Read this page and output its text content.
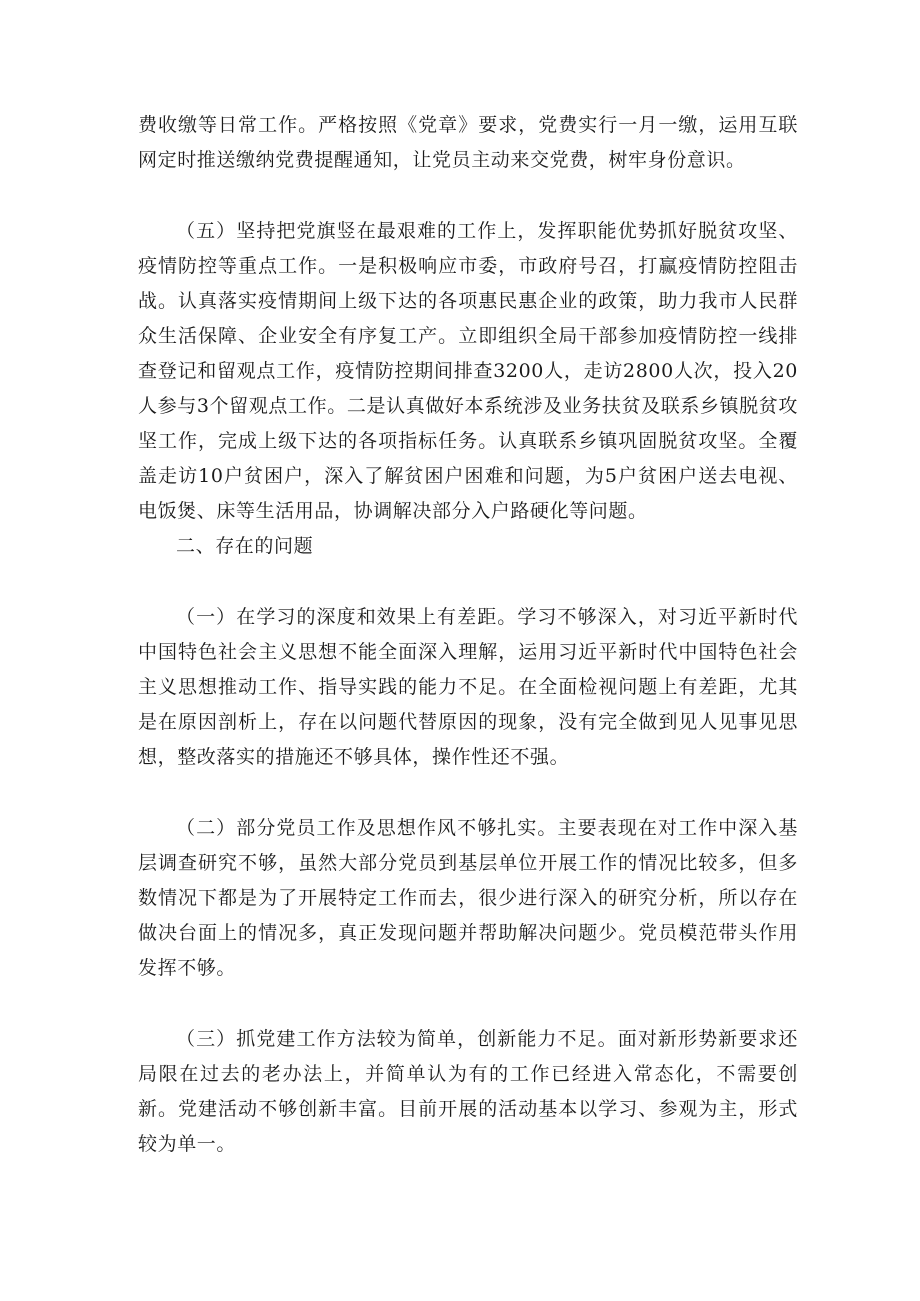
费收缴等日常工作。严格按照《党章》要求，党费实行一月一缴，运用互联网定时推送缴纳党费提醒通知，让党员主动来交党费，树牢身份意识。

（五）坚持把党旗竖在最艰难的工作上，发挥职能优势抓好脱贫攻坚、疫情防控等重点工作。一是积极响应市委，市政府号召，打赢疫情防控阻击战。认真落实疫情期间上级下达的各项惠民惠企业的政策，助力我市人民群众生活保障、企业安全有序复工产。立即组织全局干部参加疫情防控一线排查登记和留观点工作，疫情防控期间排查3200人，走访2800人次，投入20人参与3个留观点工作。二是认真做好本系统涉及业务扶贫及联系乡镇脱贫攻坚工作，完成上级下达的各项指标任务。认真联系乡镇巩固脱贫攻坚。全覆盖走访10户贫困户，深入了解贫困户困难和问题，为5户贫困户送去电视、电饭煲、床等生活用品，协调解决部分入户路硬化等问题。

二、存在的问题

（一）在学习的深度和效果上有差距。学习不够深入，对习近平新时代中国特色社会主义思想不能全面深入理解，运用习近平新时代中国特色社会主义思想推动工作、指导实践的能力不足。在全面检视问题上有差距，尤其是在原因剖析上，存在以问题代替原因的现象，没有完全做到见人见事见思想，整改落实的措施还不够具体，操作性还不强。

（二）部分党员工作及思想作风不够扎实。主要表现在对工作中深入基层调查研究不够，虽然大部分党员到基层单位开展工作的情况比较多，但多数情况下都是为了开展特定工作而去，很少进行深入的研究分析，所以存在做决台面上的情况多，真正发现问题并帮助解决问题少。党员模范带头作用发挥不够。

（三）抓党建工作方法较为简单，创新能力不足。面对新形势新要求还局限在过去的老办法上，并简单认为有的工作已经进入常态化，不需要创新。党建活动不够创新丰富。目前开展的活动基本以学习、参观为主，形式较为单一。
